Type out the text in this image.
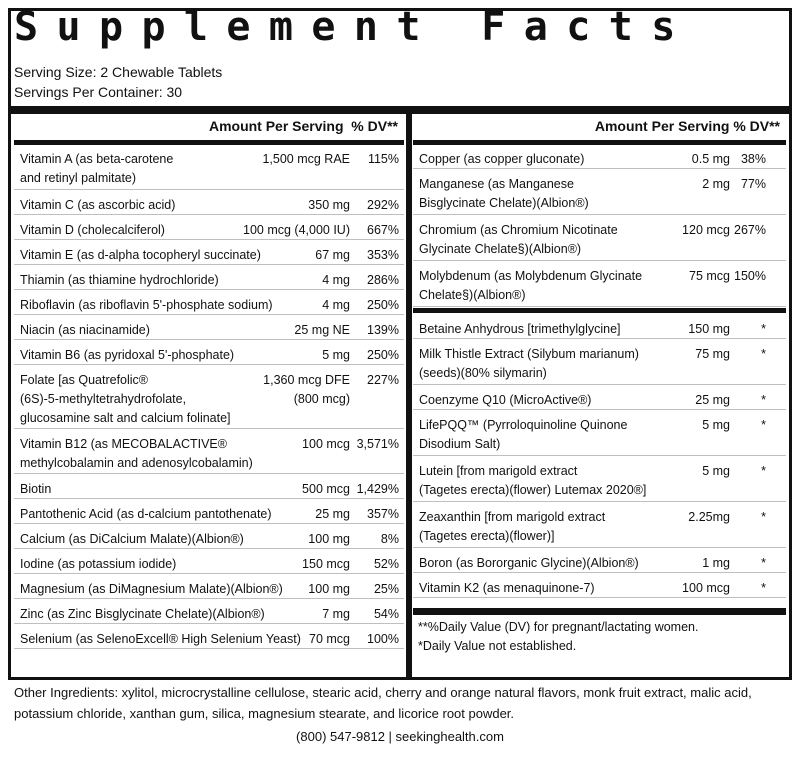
Supplement Facts
Serving Size: 2 Chewable Tablets
Servings Per Container: 30
Amount Per Serving  % DV**
Vitamin A (as beta-carotene
and retinyl palmitate)
1,500 mcg RAE 115%
Vitamin C (as ascorbic acid)	350 mg 292%
Vitamin D (cholecalciferol)	100 mcg (4,000 IU) 667%
Vitamin E (as d-alpha tocopheryl succinate)	67 mg 353%
Thiamin (as thiamine hydrochloride)	4 mg 286%
Riboflavin (as riboflavin 5'-phosphate sodium)	4 mg 250%
Niacin (as niacinamide)	25 mg NE 139%
Vitamin B6 (as pyridoxal 5'-phosphate)	5 mg 250%
Folate [as Quatrefolic®
(6S)-5-methyltetrahydrofolate,
glucosamine salt and calcium folinate]
1,360 mcg DFE
(800 mcg)
227%
Vitamin B12 (as MECOBALACTIVE®
methylcobalamin and adenosylcobalamin)
100 mcg 3,571%
Biotin	500 mcg 1,429%
Pantothenic Acid (as d-calcium pantothenate)	25 mg 357%
Calcium (as DiCalcium Malate)(Albion®)	100 mg 8%
Iodine (as potassium iodide)	150 mcg 52%
Magnesium (as DiMagnesium Malate)(Albion®) 100 mg 25%
Zinc (as Zinc Bisglycinate Chelate)(Albion®)	7 mg 54%
Selenium (as SelenoExcell® High Selenium Yeast) 70 mcg 100%
Amount Per Serving % DV**
Copper (as copper gluconate)	0.5 mg 38%
Manganese (as Manganese
Bisglycinate Chelate)(Albion®)
2 mg 77%
Chromium (as Chromium Nicotinate
Glycinate Chelate§)(Albion®)
120 mcg 267%
Molybdenum (as Molybdenum Glycinate
Chelate§)(Albion®)
75 mcg 150%
Betaine Anhydrous [trimethylglycine]	150 mg *
Milk Thistle Extract (Silybum marianum)
(seeds)(80% silymarin)
75 mg *
Coenzyme Q10 (MicroActive®)	25 mg *
LifePQQ™ (Pyrroloquinoline Quinone
Disodium Salt)
5 mg *
Lutein [from marigold extract
(Tagetes erecta)(flower) Lutemax 2020®]
5 mg *
Zeaxanthin [from marigold extract
(Tagetes erecta)(flower)]
2.25mg *
Boron (as Bororganic Glycine)(Albion®)	1 mg *
Vitamin K2 (as menaquinone-7)	100 mcg *
**%Daily Value (DV) for pregnant/lactating women.
*Daily Value not established.
Other Ingredients: xylitol, microcrystalline cellulose, stearic acid, cherry and orange natural flavors, monk fruit extract, malic acid, potassium chloride, xanthan gum, silica, magnesium stearate, and licorice root powder.
(800) 547-9812 | seekinghealth.com
